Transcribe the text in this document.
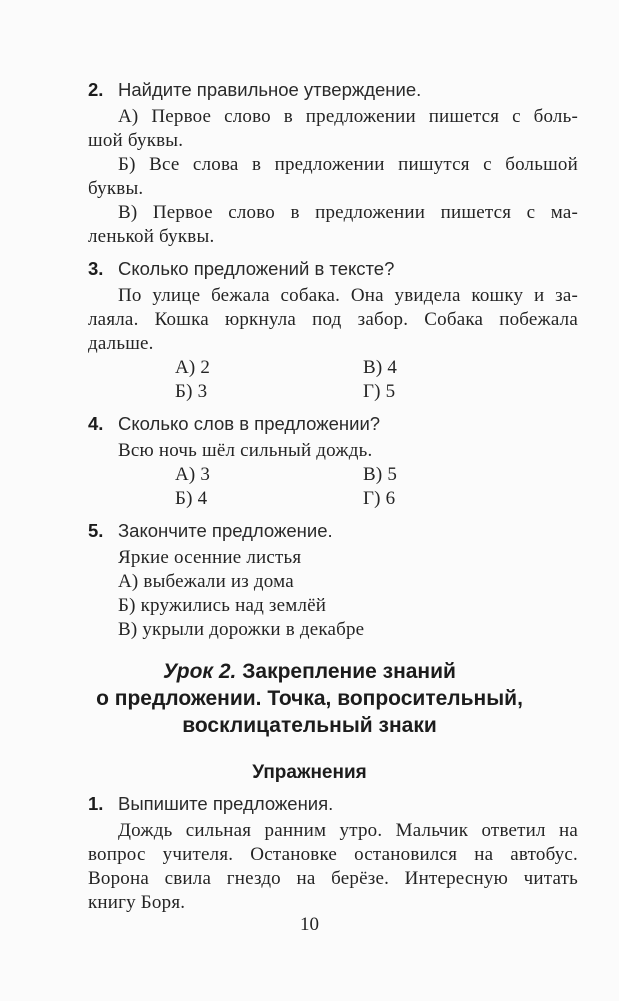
2. Найдите правильное утверждение.
А) Первое слово в предложении пишется с боль-
шой буквы.
Б) Все слова в предложении пишутся с большой
буквы.
В) Первое слово в предложении пишется с ма-
ленькой буквы.
3. Сколько предложений в тексте?
По улице бежала собака. Она увидела кошку и за-
лаяла. Кошка юркнула под забор. Собака побежала
дальше.
А) 2
Б) 3
В) 4
Г) 5
4. Сколько слов в предложении?
Всю ночь шёл сильный дождь.
А) 3
Б) 4
В) 5
Г) 6
5. Закончите предложение.
Яркие осенние листья
А) выбежали из дома
Б) кружились над землёй
В) укрыли дорожки в декабре
Урок 2. Закрепление знаний
о предложении. Точка, вопросительный,
восклицательный знаки
Упражнения
1. Выпишите предложения.
Дождь сильная ранним утро. Мальчик ответил на
вопрос учителя. Остановке остановился на автобус.
Ворона свила гнездо на берёзе. Интересную читать
книгу Боря.
10
